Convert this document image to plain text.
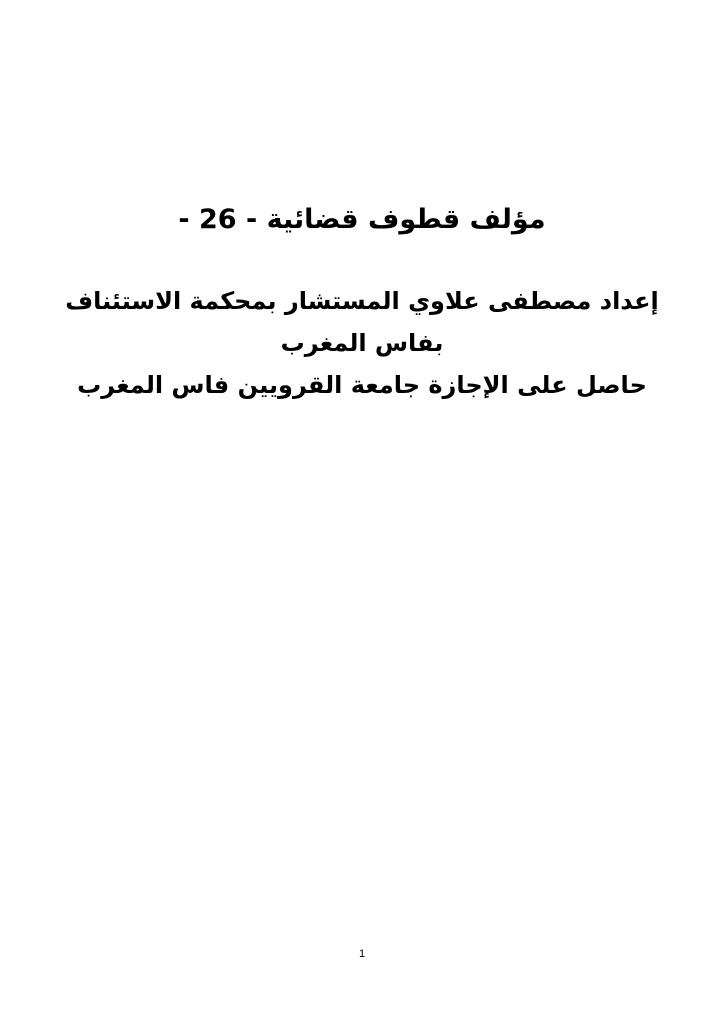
مؤلف قطوف قضائية - 26 -
إعداد مصطفى علاوي المستشار بمحكمة الاستئناف
بفاس المغرب
حاصل على الإجازة جامعة القرويين فاس المغرب
1
